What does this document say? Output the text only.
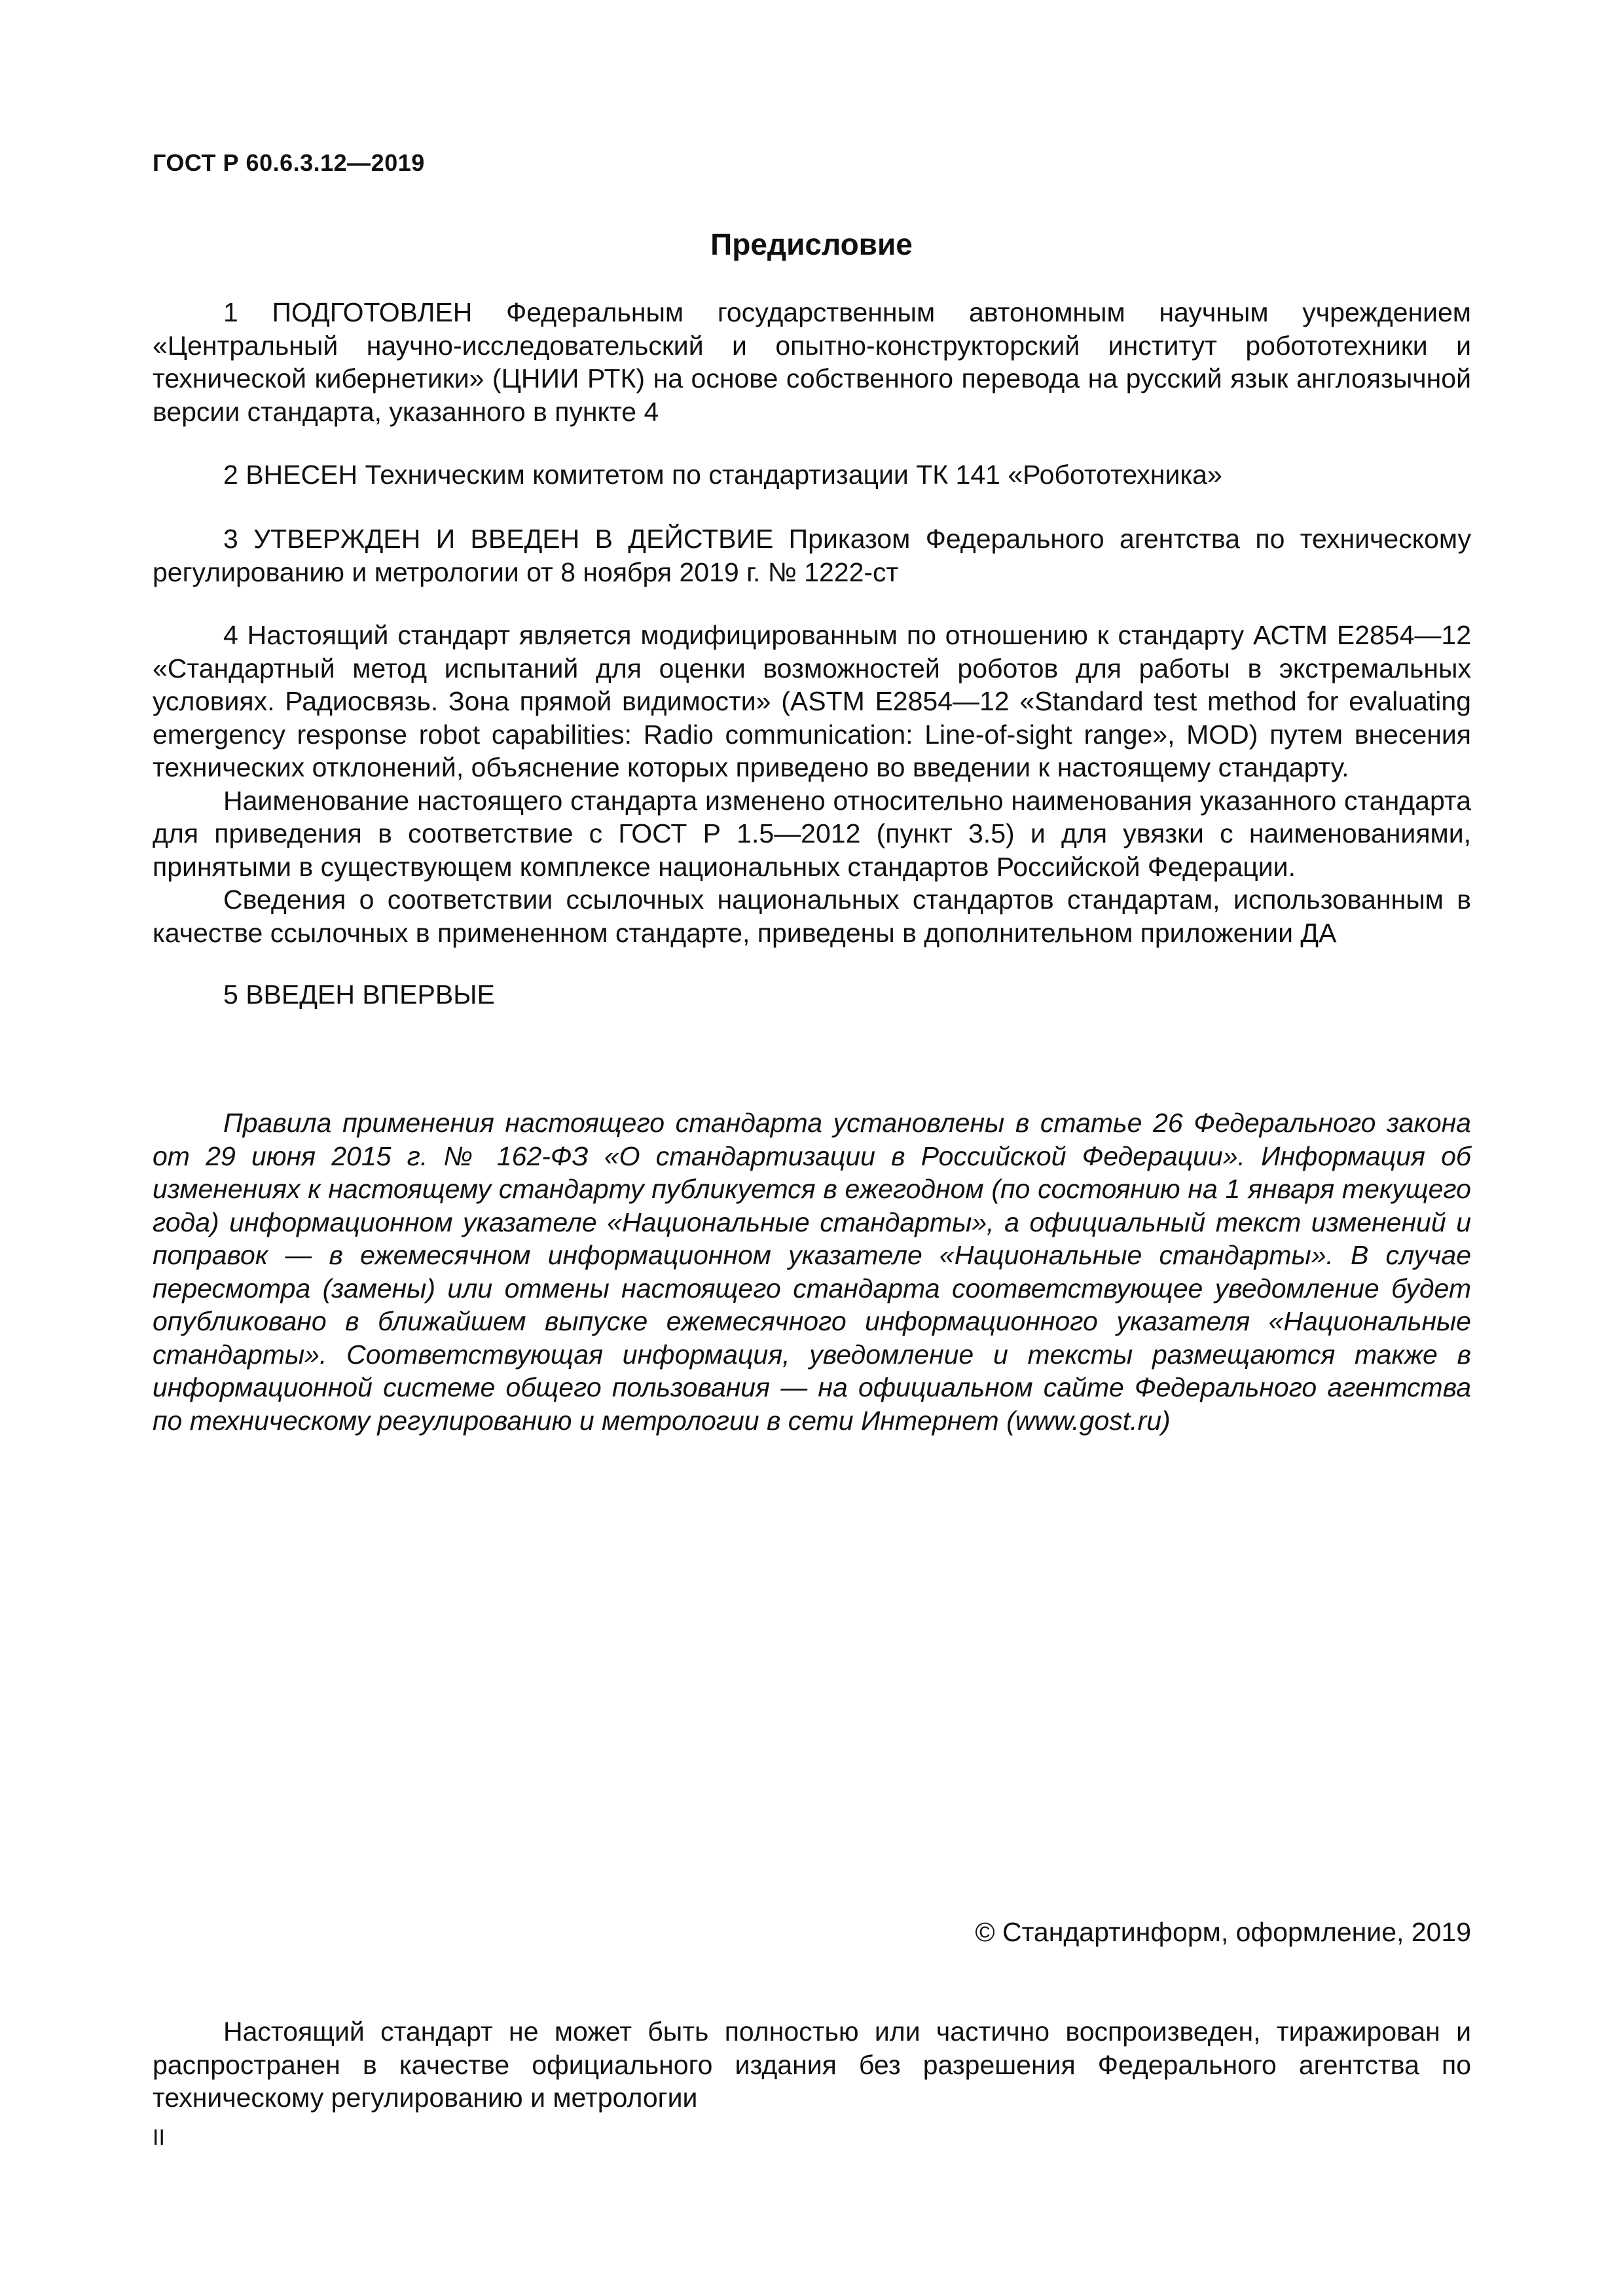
ГОСТ Р 60.6.3.12—2019
Предисловие

1 ПОДГОТОВЛЕН Федеральным государственным автономным научным учреждением «Центральный научно-исследовательский и опытно-конструкторский институт робототехники и технической кибернетики» (ЦНИИ РТК) на основе собственного перевода на русский язык англоязычной версии стандарта, указанного в пункте 4

2 ВНЕСЕН Техническим комитетом по стандартизации ТК 141 «Робототехника»

3 УТВЕРЖДЕН И ВВЕДЕН В ДЕЙСТВИЕ Приказом Федерального агентства по техническому регулированию и метрологии от 8 ноября 2019 г. № 1222-ст

4 Настоящий стандарт является модифицированным по отношению к стандарту АСТМ E2854—12 «Стандартный метод испытаний для оценки возможностей роботов для работы в экстремальных условиях. Радиосвязь. Зона прямой видимости» (ASTM E2854—12 «Standard test method for evaluating emergency response robot capabilities: Radio communication: Line-of-sight range», MOD) путем внесения технических отклонений, объяснение которых приведено во введении к настоящему стандарту.

Наименование настоящего стандарта изменено относительно наименования указанного стандарта для приведения в соответствие с ГОСТ Р 1.5—2012 (пункт 3.5) и для увязки с наименованиями, принятыми в существующем комплексе национальных стандартов Российской Федерации.

Сведения о соответствии ссылочных национальных стандартов стандартам, использованным в качестве ссылочных в примененном стандарте, приведены в дополнительном приложении ДА

5 ВВЕДЕН ВПЕРВЫЕ

Правила применения настоящего стандарта установлены в статье 26 Федерального закона от 29 июня 2015 г. № 162-ФЗ «О стандартизации в Российской Федерации». Информация об изменениях к настоящему стандарту публикуется в ежегодном (по состоянию на 1 января текущего года) информационном указателе «Национальные стандарты», а официальный текст изменений и поправок — в ежемесячном информационном указателе «Национальные стандарты». В случае пересмотра (замены) или отмены настоящего стандарта соответствующее уведомление будет опубликовано в ближайшем выпуске ежемесячного информационного указателя «Национальные стандарты». Соответствующая информация, уведомление и тексты размещаются также в информационной системе общего пользования — на официальном сайте Федерального агентства по техническому регулированию и метрологии в сети Интернет (www.gost.ru)

© Стандартинформ, оформление, 2019

Настоящий стандарт не может быть полностью или частично воспроизведен, тиражирован и распространен в качестве официального издания без разрешения Федерального агентства по техническому регулированию и метрологии

II
